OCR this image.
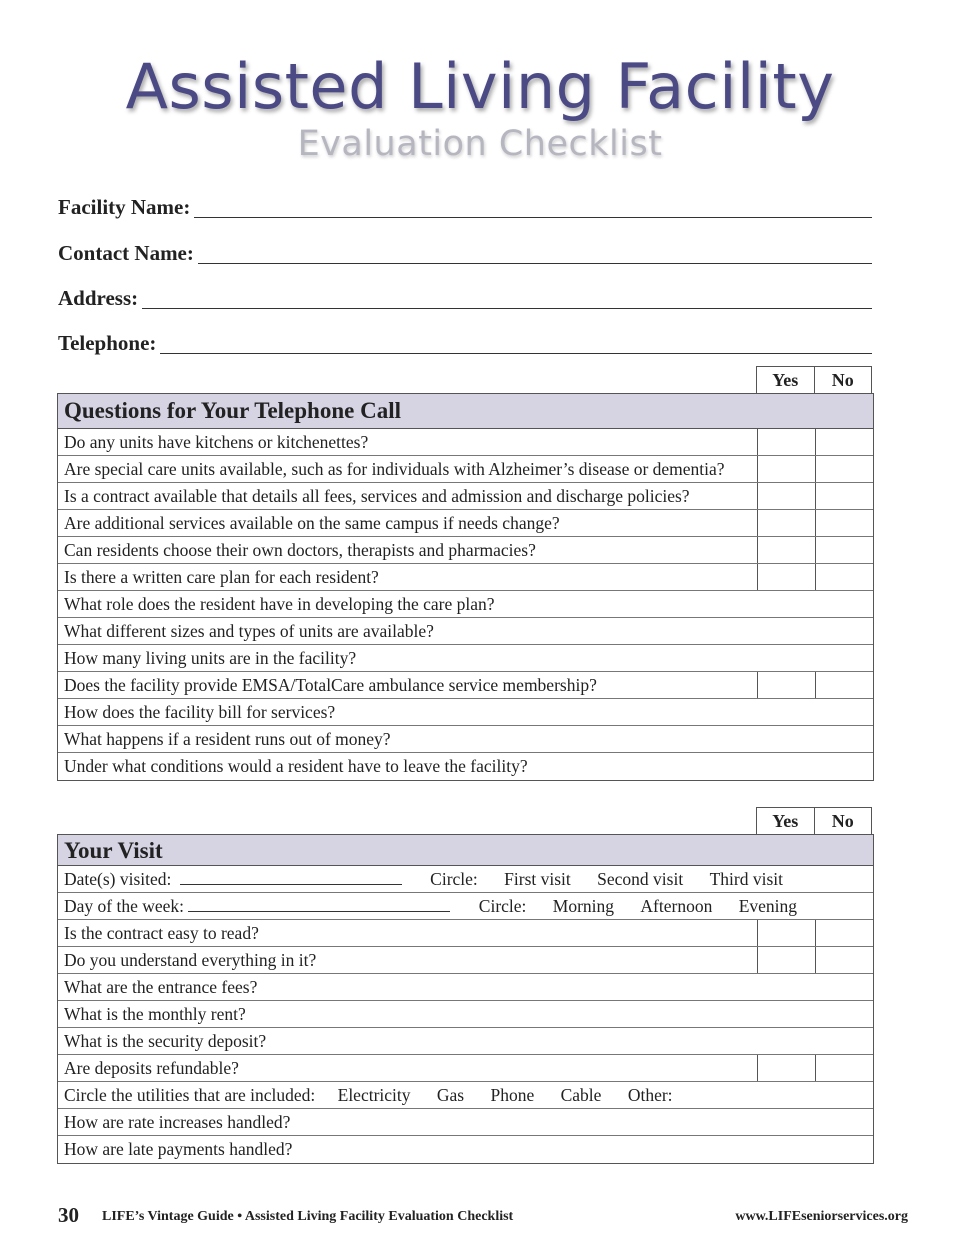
Assisted Living Facility
Evaluation Checklist
Facility Name:
Contact Name:
Address:
Telephone:
Yes	No
Questions for Your Telephone Call
Do any units have kitchens or kitchenettes?
Are special care units available, such as for individuals with Alzheimer’s disease or dementia?
Is a contract available that details all fees, services and admission and discharge policies?
Are additional services available on the same campus if needs change?
Can residents choose their own doctors, therapists and pharmacies?
Is there a written care plan for each resident?
What role does the resident have in developing the care plan?
What different sizes and types of units are available?
How many living units are in the facility?
Does the facility provide EMSA/TotalCare ambulance service membership?
How does the facility bill for services?
What happens if a resident runs out of money?
Under what conditions would a resident have to leave the facility?
Yes	No
Your Visit
Date(s) visited:	Circle: First visit Second visit Third visit
Day of the week:	Circle: Morning Afternoon Evening
Is the contract easy to read?
Do you understand everything in it?
What are the entrance fees?
What is the monthly rent?
What is the security deposit?
Are deposits refundable?
Circle the utilities that are included: Electricity Gas Phone Cable Other:
How are rate increases handled?
How are late payments handled?
30 LIFE’s Vintage Guide • Assisted Living Facility Evaluation Checklist	www.LIFEseniorservices.org
